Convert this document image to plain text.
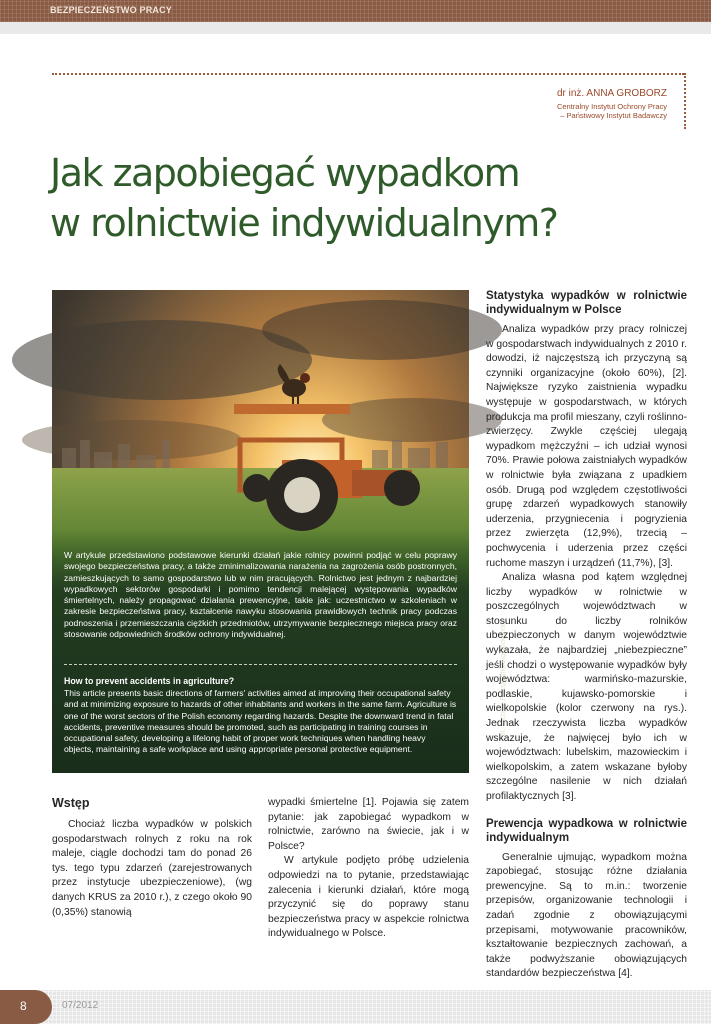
BEZPIECZEŃSTWO PRACY
dr inż. ANNA GROBORZ
Centralny Instytut Ochrony Pracy
– Państwowy Instytut Badawczy
Jak zapobiegać wypadkom
w rolnictwie indywidualnym?
Fot. Michele Piacquadio/Bigstockphoto
W artykule przedstawiono podstawowe kierunki działań jakie rolnicy powinni podjąć w celu poprawy swojego bezpieczeństwa pracy, a także zminimalizowania narażenia na zagrożenia osób postronnych, zamieszkujących to samo gospodarstwo lub w nim pracujących. Rolnictwo jest jednym z najbardziej wypadkowych sektorów gospodarki i pomimo tendencji malejącej występowania wypadków śmiertelnych, należy propagować działania prewencyjne, takie jak: uczestnictwo w szkoleniach w zakresie bezpieczeństwa pracy, kształcenie nawyku stosowania prawidłowych technik pracy podczas podnoszenia i przemieszczania ciężkich przedmiotów, utrzymywanie bezpiecznego miejsca pracy oraz stosowanie odpowiednich środków ochrony indywidualnej.
How to prevent accidents in agriculture?
This article presents basic directions of farmers' activities aimed at improving their occupational safety and at minimizing exposure to hazards of other inhabitants and workers in the same farm. Agriculture is one of the worst sectors of the Polish economy regarding hazards. Despite the downward trend in fatal accidents, preventive measures should be promoted, such as participating in training courses in occupational safety, developing a lifelong habit of proper work techniques when handling heavy objects, maintaining a safe workplace and using appropriate personal protective equipment.
Wstęp

Chociaż liczba wypadków w polskich gospodarstwach rolnych z roku na rok maleje, ciągle dochodzi tam do ponad 26 tys. tego typu zdarzeń (zarejestrowanych przez instytucje ubezpieczeniowe), (wg danych KRUS za 2010 r.), z czego około 90 (0,35%) stanowią

wypadki śmiertelne [1]. Pojawia się zatem pytanie: jak zapobiegać wypadkom w rolnictwie, zarówno na świecie, jak i w Polsce?

W artykule podjęto próbę udzielenia odpowiedzi na to pytanie, przedstawiając zalecenia i kierunki działań, które mogą przyczynić się do poprawy stanu bezpieczeństwa pracy w aspekcie rolnictwa indywidualnego w Polsce.

Statystyka wypadków w rolnictwie indywidualnym w Polsce

Analiza wypadków przy pracy rolniczej w gospodarstwach indywidualnych z 2010 r. dowodzi, iż najczęstszą ich przyczyną są czynniki organizacyjne (około 60%), [2]. Największe ryzyko zaistnienia wypadku występuje w gospodarstwach, w których produkcja ma profil mieszany, czyli roślinno-zwierzęcy. Zwykle częściej ulegają wypadkom mężczyźni – ich udział wynosi 70%. Prawie połowa zaistniałych wypadków w rolnictwie była związana z upadkiem osób. Drugą pod względem częstotliwości grupę zdarzeń wypadkowych stanowiły uderzenia, przygniecenia i pogryzienia przez zwierzęta (12,9%), trzecią – pochwycenia i uderzenia przez części ruchome maszyn i urządzeń (11,7%), [3].

Analiza własna pod kątem względnej liczby wypadków w rolnictwie w poszczególnych województwach w stosunku do liczby rolników ubezpieczonych w danym województwie wykazała, że najbardziej „niebezpieczne” jeśli chodzi o występowanie wypadków były województwa: warmińsko-mazurskie, podlaskie, kujawsko-pomorskie i wielkopolskie (kolor czerwony na rys.). Jednak rzeczywista liczba wypadków wskazuje, że najwięcej było ich w województwach: lubelskim, mazowieckim i wielkopolskim, a zatem wskazane byłoby szczególne nasilenie w nich działań profilaktycznych [3].

Prewencja wypadkowa w rolnictwie indywidualnym

Generalnie ujmując, wypadkom można zapobiegać, stosując różne działania prewencyjne. Są to m.in.: tworzenie przepisów, organizowanie technologii i zadań zgodnie z obowiązującymi przepisami, motywowanie pracowników, kształtowanie bezpiecznych zachowań, a także podwyższanie obowiązujących standardów bezpieczeństwa [4].

8	07/2012
